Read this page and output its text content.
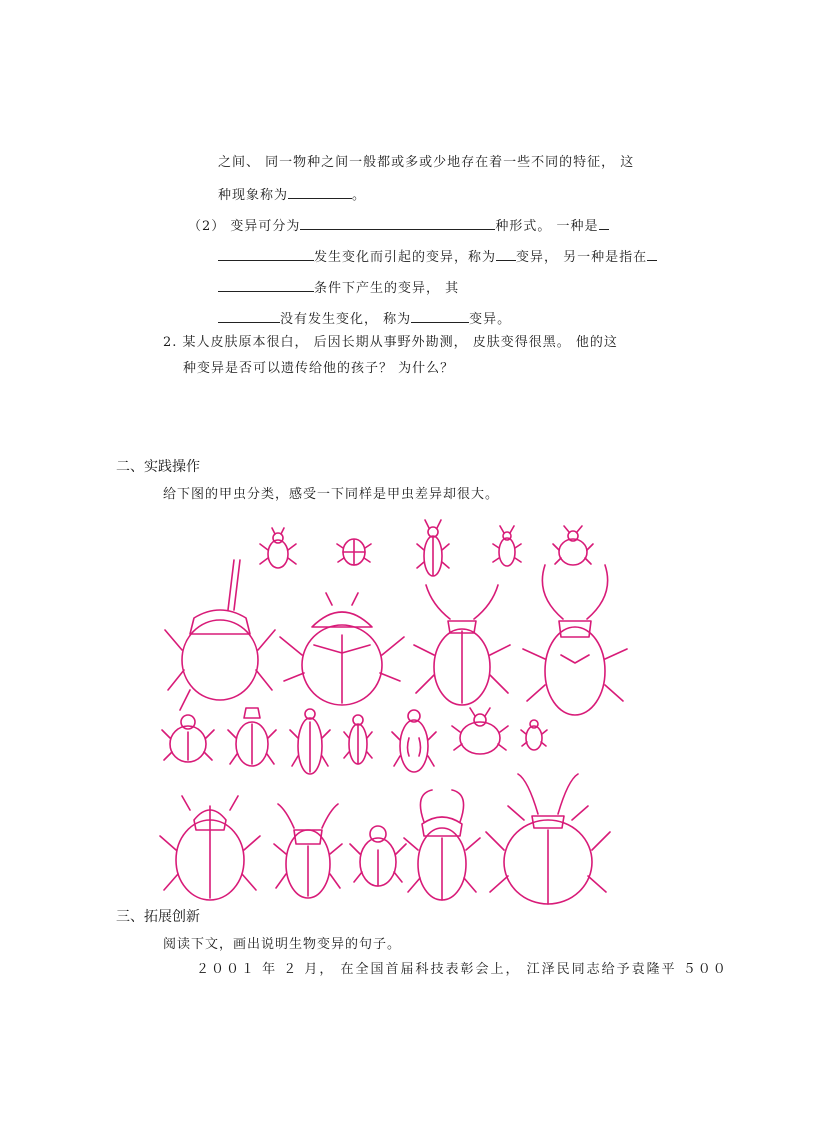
之间、 同一物种之间一般都或多或少地存在着一些不同的特征， 这
种现象称为	。
（2） 变异可分为	种形式。 一种是
发生变化而引起的变异，称为 变异， 另一种是指在
条件下产生的变异， 其
没有发生变化， 称为	变异。
2. 某人皮肤原本很白， 后因长期从事野外勘测， 皮肤变得很黑。 他的这
种变异是否可以遗传给他的孩子？ 为什么？
二、实践操作
给下图的甲虫分类，感受一下同样是甲虫差异却很大。
三、拓展创新
阅读下文，画出说明生物变异的句子。
２００１ 年 ２ 月， 在全国首届科技表彰会上， 江泽民同志给予袁隆平 ５００
